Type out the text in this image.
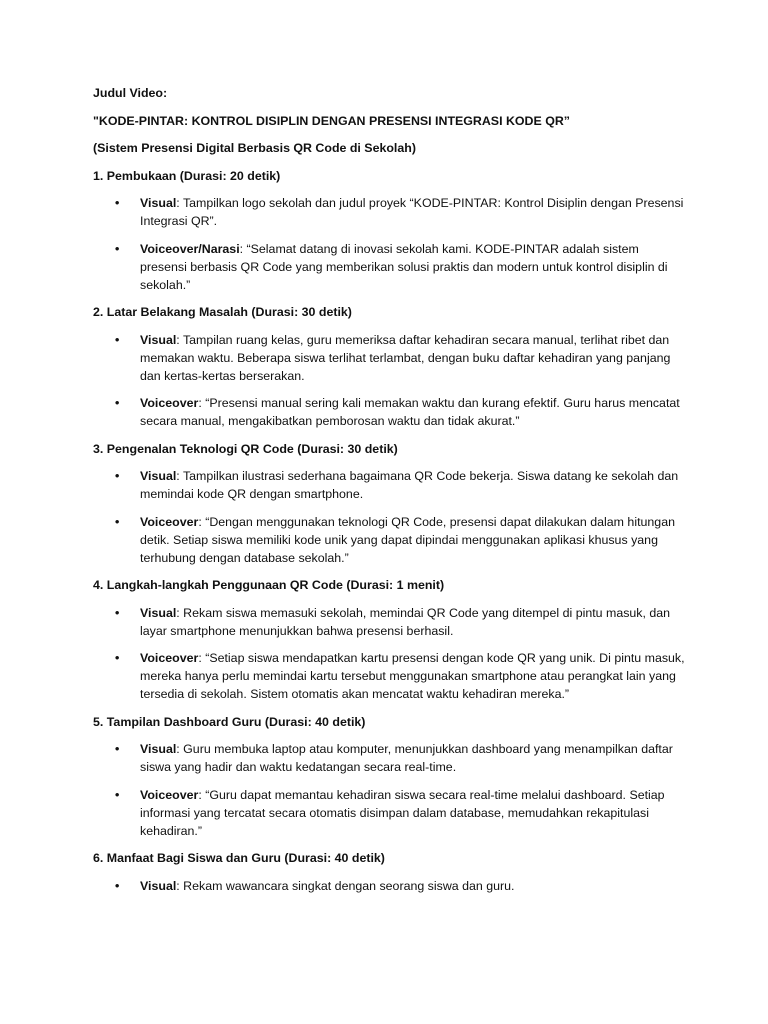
Judul Video:
"KODE-PINTAR: KONTROL DISIPLIN DENGAN PRESENSI INTEGRASI KODE QR”
(Sistem Presensi Digital Berbasis QR Code di Sekolah)
1. Pembukaan (Durasi: 20 detik)
• Visual: Tampilkan logo sekolah dan judul proyek “KODE-PINTAR: Kontrol Disiplin dengan Presensi Integrasi QR”.
• Voiceover/Narasi: “Selamat datang di inovasi sekolah kami. KODE-PINTAR adalah sistem presensi berbasis QR Code yang memberikan solusi praktis dan modern untuk kontrol disiplin di sekolah.”
2. Latar Belakang Masalah (Durasi: 30 detik)
• Visual: Tampilan ruang kelas, guru memeriksa daftar kehadiran secara manual, terlihat ribet dan memakan waktu. Beberapa siswa terlihat terlambat, dengan buku daftar kehadiran yang panjang dan kertas-kertas berserakan.
• Voiceover: “Presensi manual sering kali memakan waktu dan kurang efektif. Guru harus mencatat secara manual, mengakibatkan pemborosan waktu dan tidak akurat.”
3. Pengenalan Teknologi QR Code (Durasi: 30 detik)
• Visual: Tampilkan ilustrasi sederhana bagaimana QR Code bekerja. Siswa datang ke sekolah dan memindai kode QR dengan smartphone.
• Voiceover: “Dengan menggunakan teknologi QR Code, presensi dapat dilakukan dalam hitungan detik. Setiap siswa memiliki kode unik yang dapat dipindai menggunakan aplikasi khusus yang terhubung dengan database sekolah.”
4. Langkah-langkah Penggunaan QR Code (Durasi: 1 menit)
• Visual: Rekam siswa memasuki sekolah, memindai QR Code yang ditempel di pintu masuk, dan layar smartphone menunjukkan bahwa presensi berhasil.
• Voiceover: “Setiap siswa mendapatkan kartu presensi dengan kode QR yang unik. Di pintu masuk, mereka hanya perlu memindai kartu tersebut menggunakan smartphone atau perangkat lain yang tersedia di sekolah. Sistem otomatis akan mencatat waktu kehadiran mereka.”
5. Tampilan Dashboard Guru (Durasi: 40 detik)
• Visual: Guru membuka laptop atau komputer, menunjukkan dashboard yang menampilkan daftar siswa yang hadir dan waktu kedatangan secara real-time.
• Voiceover: “Guru dapat memantau kehadiran siswa secara real-time melalui dashboard. Setiap informasi yang tercatat secara otomatis disimpan dalam database, memudahkan rekapitulasi kehadiran.”
6. Manfaat Bagi Siswa dan Guru (Durasi: 40 detik)
• Visual: Rekam wawancara singkat dengan seorang siswa dan guru.
